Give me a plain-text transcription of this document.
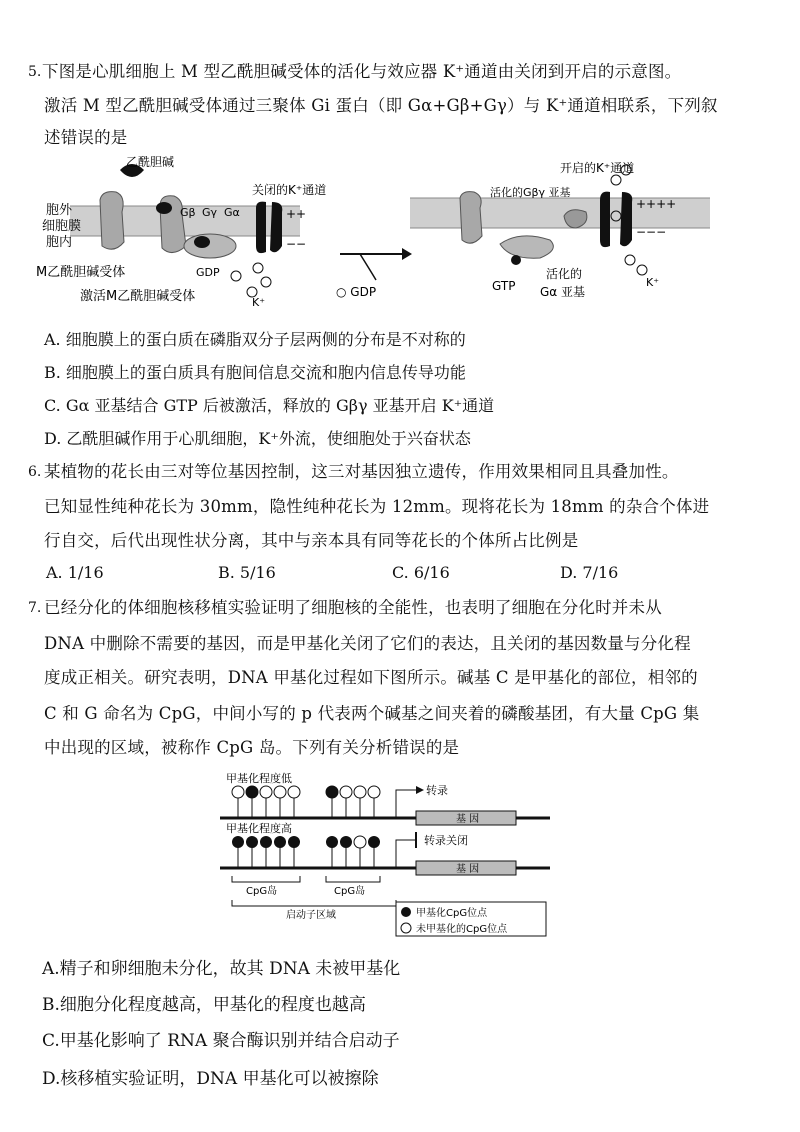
5. 下图是心肌细胞上 M 型乙酰胆碱受体的活化与效应器 K⁺通道由关闭到开启的示意图。
激活 M 型乙酰胆碱受体通过三聚体 Gi 蛋白（即 Gα+Gβ+Gγ）与 K⁺通道相联系，下列叙
述错误的是
乙酰胆碱
胞外
细胞膜
胞内
Gβ Gγ Gα
关闭的K⁺通道
++
−−
GDP
K⁺
M乙酰胆碱受体
激活M乙酰胆碱受体	○ GDP	GTP
活化的
Gα 亚基
开启的K⁺通道
活化的Gβγ 亚基
++++
−−−
K⁺
A. 细胞膜上的蛋白质在磷脂双分子层两侧的分布是不对称的
B. 细胞膜上的蛋白质具有胞间信息交流和胞内信息传导功能
C. Gα 亚基结合 GTP 后被激活，释放的 Gβγ 亚基开启 K⁺通道
D. 乙酰胆碱作用于心肌细胞，K⁺外流，使细胞处于兴奋状态
6. 某植物的花长由三对等位基因控制，这三对基因独立遗传，作用效果相同且具叠加性。
已知显性纯种花长为 30mm，隐性纯种花长为 12mm。现将花长为 18mm 的杂合个体进
行自交，后代出现性状分离，其中与亲本具有同等花长的个体所占比例是
A. 1/16	B. 5/16	C. 6/16	D. 7/16
7. 已经分化的体细胞核移植实验证明了细胞核的全能性，也表明了细胞在分化时并未从
DNA 中删除不需要的基因，而是甲基化关闭了它们的表达，且关闭的基因数量与分化程
度成正相关。研究表明，DNA 甲基化过程如下图所示。碱基 C 是甲基化的部位，相邻的
C 和 G 命名为 CpG，中间小写的 p 代表两个碱基之间夹着的磷酸基团，有大量 CpG 集
中出现的区域，被称作 CpG 岛。下列有关分析错误的是
甲基化程度低
转录
基 因
甲基化程度高
转录关闭
基 因
CpG岛	CpG岛
启动子区域	甲基化CpG位点
未甲基化的CpG位点
A.精子和卵细胞未分化，故其 DNA 未被甲基化
B.细胞分化程度越高，甲基化的程度也越高
C.甲基化影响了 RNA 聚合酶识别并结合启动子
D.核移植实验证明，DNA 甲基化可以被擦除
